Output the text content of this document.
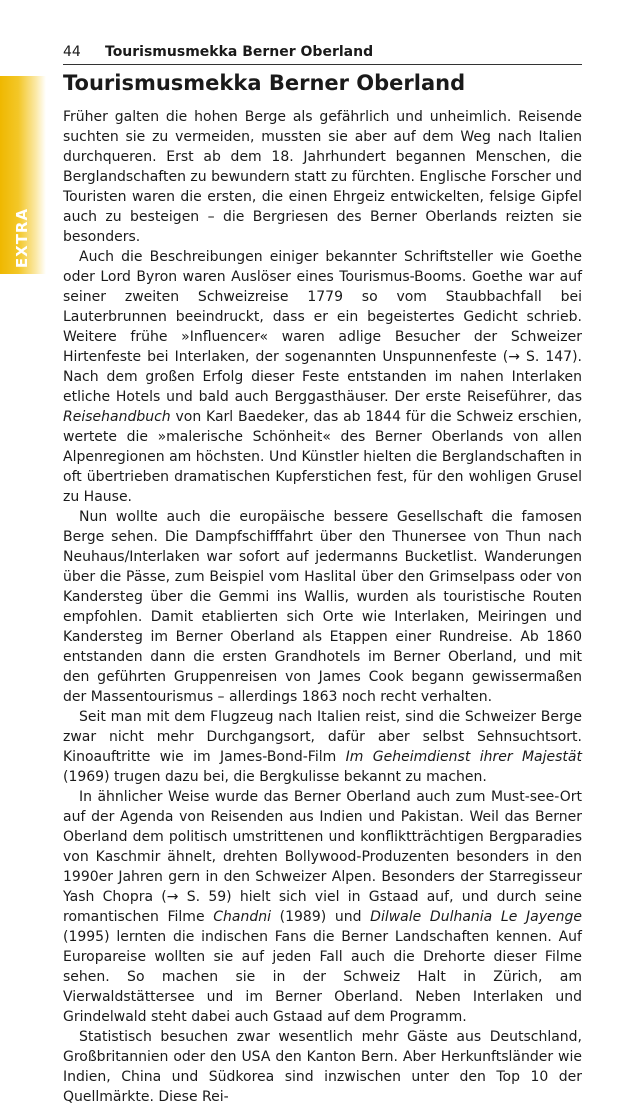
EXTRA
44 Tourismusmekka Berner Oberland
Tourismusmekka Berner Oberland

Früher galten die hohen Berge als gefährlich und unheimlich. Reisende suchten sie zu vermeiden, mussten sie aber auf dem Weg nach Italien durchqueren. Erst ab dem 18. Jahrhundert begannen Menschen, die Berglandschaften zu bewundern statt zu fürchten. Englische Forscher und Touristen waren die ersten, die einen Ehrgeiz entwickelten, felsige Gipfel auch zu besteigen – die Bergriesen des Berner Oberlands reizten sie besonders.

Auch die Beschreibungen einiger bekannter Schriftsteller wie Goethe oder Lord Byron waren Auslöser eines Tourismus-Booms. Goethe war auf seiner zweiten Schweizreise 1779 so vom Staubbachfall bei Lauterbrunnen beeindruckt, dass er ein begeistertes Gedicht schrieb. Weitere frühe »Influencer« waren adlige Besucher der Schweizer Hirtenfeste bei Interlaken, der sogenannten Unspunnenfeste (→ S. 147). Nach dem großen Erfolg dieser Feste entstanden im nahen Interlaken etliche Hotels und bald auch Berggasthäuser. Der erste Reiseführer, das Reisehandbuch von Karl Baedeker, das ab 1844 für die Schweiz erschien, wertete die »malerische Schönheit« des Berner Oberlands von allen Alpenregionen am höchsten. Und Künstler hielten die Berglandschaften in oft übertrieben dramatischen Kupferstichen fest, für den wohligen Grusel zu Hause.

Nun wollte auch die europäische bessere Gesellschaft die famosen Berge sehen. Die Dampfschifffahrt über den Thunersee von Thun nach Neuhaus/Interlaken war sofort auf jedermanns Bucketlist. Wanderungen über die Pässe, zum Beispiel vom Haslital über den Grimselpass oder von Kandersteg über die Gemmi ins Wallis, wurden als touristische Routen empfohlen. Damit etablierten sich Orte wie Interlaken, Meiringen und Kandersteg im Berner Oberland als Etappen einer Rundreise. Ab 1860 entstanden dann die ersten Grandhotels im Berner Oberland, und mit den geführten Gruppenreisen von James Cook begann gewissermaßen der Massentourismus – allerdings 1863 noch recht verhalten.

Seit man mit dem Flugzeug nach Italien reist, sind die Schweizer Berge zwar nicht mehr Durchgangsort, dafür aber selbst Sehnsuchtsort. Kinoauftritte wie im James-Bond-Film Im Geheimdienst ihrer Majestät (1969) trugen dazu bei, die Bergkulisse bekannt zu machen.

In ähnlicher Weise wurde das Berner Oberland auch zum Must-see-Ort auf der Agenda von Reisenden aus Indien und Pakistan. Weil das Berner Oberland dem politisch umstrittenen und konfliktträchtigen Bergparadies von Kaschmir ähnelt, drehten Bollywood-Produzenten besonders in den 1990er Jahren gern in den Schweizer Alpen. Besonders der Starregisseur Yash Chopra (→ S. 59) hielt sich viel in Gstaad auf, und durch seine romantischen Filme Chandni (1989) und Dilwale Dulhania Le Jayenge (1995) lernten die indischen Fans die Berner Landschaften kennen. Auf Europareise wollten sie auf jeden Fall auch die Drehorte dieser Filme sehen. So machen sie in der Schweiz Halt in Zürich, am Vierwaldstättersee und im Berner Oberland. Neben Interlaken und Grindelwald steht dabei auch Gstaad auf dem Programm.

Statistisch besuchen zwar wesentlich mehr Gäste aus Deutschland, Großbritannien oder den USA den Kanton Bern. Aber Herkunftsländer wie Indien, China und Südkorea sind inzwischen unter den Top 10 der Quellmärkte. Diese Rei-
